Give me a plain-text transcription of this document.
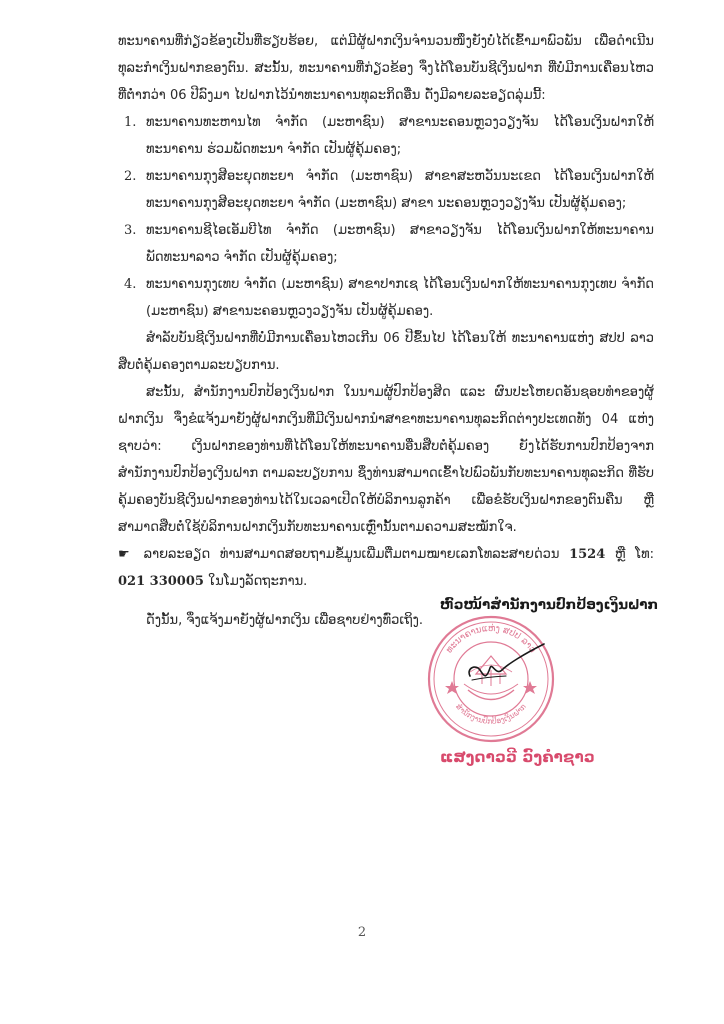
ທະນາຄານທີ່ກ່ຽວຂ້ອງເປັນທີ່ຮຽບຮ້ອຍ, ແຕ່ມີຜູ້ຝາກເງິນຈຳນວນໜຶ່ງຍັງບໍ່ໄດ້ເຂົ້າມາພົວພັນ ເພື່ອດຳເນີນທຸລະກຳເງິນຝາກຂອງຕົນ. ສະນັ້ນ, ທະນາຄານທີ່ກ່ຽວຂ້ອງ ຈຶ່ງໄດ້ໂອນບັນຊີເງິນຝາກ ທີ່ບໍ່ມີການເຄື່ອນໄຫວທີ່ຕ່ຳກວ່າ 06 ປີລົງມາ ໄປຝາກໄວ້ນຳທະນາຄານທຸລະກິດອື່ນ ດັ່ງມີລາຍລະອຽດລຸ່ມນີ້:

1. ທະນາຄານທະຫານໄທ ຈຳກັດ (ມະຫາຊົນ) ສາຂານະຄອນຫຼວງວຽງຈັນ ໄດ້ໂອນເງິນຝາກໃຫ້ທະນາຄານ ຮ່ວມພັດທະນາ ຈຳກັດ ເປັນຜູ້ຄຸ້ມຄອງ;
2. ທະນາຄານກຸງສີອະຍຸດທະຍາ ຈຳກັດ (ມະຫາຊົນ) ສາຂາສະຫວັນນະເຂດ ໄດ້ໂອນເງິນຝາກໃຫ້ທະນາຄານກຸງສີອະຍຸດທະຍາ ຈຳກັດ (ມະຫາຊົນ) ສາຂາ ນະຄອນຫຼວງວຽງຈັນ ເປັນຜູ້ຄຸ້ມຄອງ;
3. ທະນາຄານຊີໄອເອັມບີໄທ ຈຳກັດ (ມະຫາຊົນ) ສາຂາວຽງຈັນ ໄດ້ໂອນເງິນຝາກໃຫ້ທະນາຄານພັດທະນາລາວ ຈຳກັດ ເປັນຜູ້ຄຸ້ມຄອງ;
4. ທະນາຄານກຸງເທບ ຈຳກັດ (ມະຫາຊົນ) ສາຂາປາກເຊ ໄດ້ໂອນເງິນຝາກໃຫ້ທະນາຄານກຸງເທບ ຈຳກັດ (ມະຫາຊົນ) ສາຂານະຄອນຫຼວງວຽງຈັນ ເປັນຜູ້ຄຸ້ມຄອງ.

ສຳລັບບັນຊີເງິນຝາກທີ່ບໍ່ມີການເຄື່ອນໄຫວເກີນ 06 ປີຂຶ້ນໄປ ໄດ້ໂອນໃຫ້ ທະນາຄານແຫ່ງ ສປປ ລາວ ສືບຕໍ່ຄຸ້ມຄອງຕາມລະບຽບການ.

ສະນັ້ນ, ສຳນັກງານປົກປ້ອງເງິນຝາກ ໃນນາມຜູ້ປົກປ້ອງສິດ ແລະ ຜົນປະໂຫຍດອັນຊອບທຳຂອງຜູ້ຝາກເງິນ ຈຶ່ງຂໍແຈ້ງມາຍັງຜູ້ຝາກເງິນທີ່ມີເງິນຝາກນຳສາຂາທະນາຄານທຸລະກິດຕ່າງປະເທດທັງ 04 ແຫ່ງຊາບວ່າ: ເງິນຝາກຂອງທ່ານທີ່ໄດ້ໂອນໃຫ້ທະນາຄານອື່ນສືບຕໍ່ຄຸ້ມຄອງ ຍັງໄດ້ຮັບການປົກປ້ອງຈາກ ສຳນັກງານປົກປ້ອງເງິນຝາກ ຕາມລະບຽບການ ຊຶ່ງທ່ານສາມາດເຂົ້າໄປພົວພັນກັບທະນາຄານທຸລະກິດ ທີ່ຮັບຄຸ້ມຄອງບັນຊີເງິນຝາກຂອງທ່ານໄດ້ໃນເວລາເປີດໃຫ້ບໍລິການລູກຄ້າ ເພື່ອຂໍຮັບເງິນຝາກຂອງຕົນຄືນ ຫຼື ສາມາດສືບຕໍ່ໃຊ້ບໍລິການຝາກເງິນກັບທະນາຄານເຫຼົ່ານັ້ນຕາມຄວາມສະໝັກໃຈ.

☛ ລາຍລະອຽດ ທ່ານສາມາດສອບຖາມຂໍ້ມູນເພີ່ມຕື່ມຕາມໝາຍເລກໂທລະສາຍດ່ວນ 1524 ຫຼື ໂທ: 021 330005 ໃນໂມງລັດຖະການ.

ດັ່ງນັ້ນ, ຈຶ່ງແຈ້ງມາຍັງຜູ້ຝາກເງິນ ເພື່ອຊາບຢ່າງທົ່ວເຖິງ.

ຫົວໜ້າສຳນັກງານປົກປ້ອງເງິນຝາກ
ທະນາຄານແຫ່ງ ສປປ ລາວ
ສຳນັກງານປົກປ້ອງເງິນຝາກ
ແສງດາວວີ ວົງຄຳຊາວ
2
